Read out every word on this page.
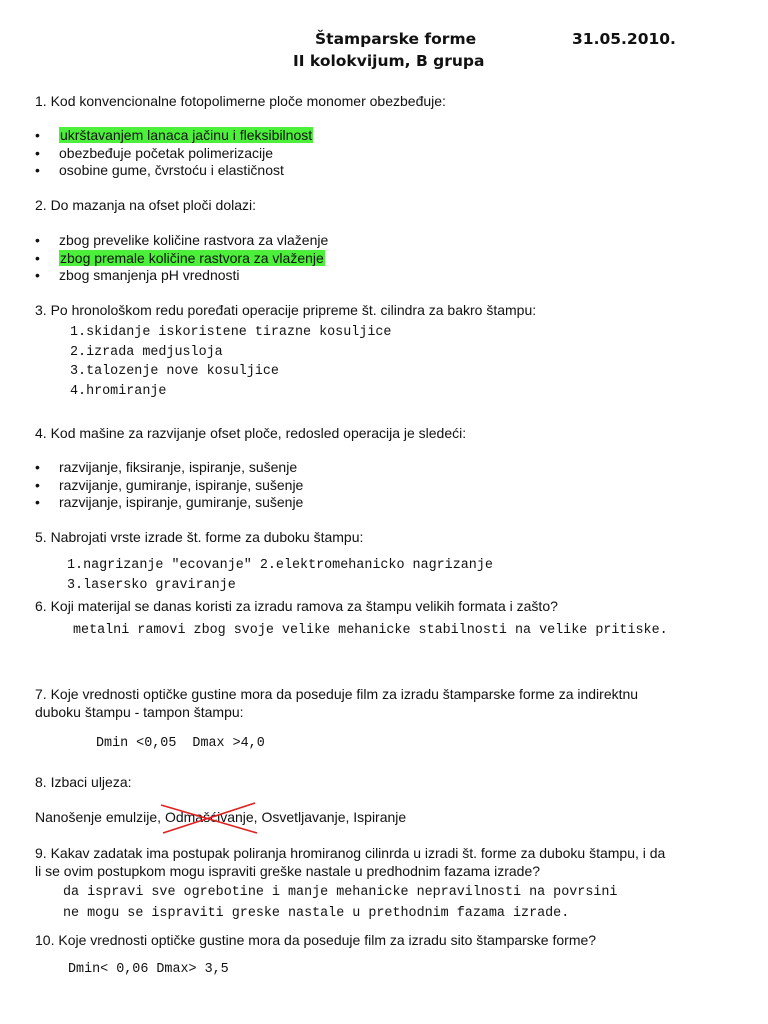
Štamparske forme	31.05.2010.
II kolokvijum, B grupa
1. Kod konvencionalne fotopolimerne ploče monomer obezbeđuje:
• ukrštavanjem lanaca jačinu i fleksibilnost
• obezbeđuje početak polimerizacije
• osobine gume, čvrstoću i elastičnost
2. Do mazanja na ofset ploči dolazi:
• zbog prevelike količine rastvora za vlaženje
• zbog premale količine rastvora za vlaženje
• zbog smanjenja pH vrednosti
3. Po hronološkom redu poređati operacije pripreme št. cilindra za bakro štampu:
1.skidanje iskoristene tirazne kosuljice
2.izrada medjusloja
3.talozenje nove kosuljice
4.hromiranje
4. Kod mašine za razvijanje ofset ploče, redosled operacija je sledeći:
• razvijanje, fiksiranje, ispiranje, sušenje
• razvijanje, gumiranje, ispiranje, sušenje
• razvijanje, ispiranje, gumiranje, sušenje
5. Nabrojati vrste izrade št. forme za duboku štampu:
1.nagrizanje "ecovanje" 2.elektromehanicko nagrizanje
3.lasersko graviranje
6. Koji materijal se danas koristi za izradu ramova za štampu velikih formata i zašto?
metalni ramovi zbog svoje velike mehanicke stabilnosti na velike pritiske.
7. Koje vrednosti optičke gustine mora da poseduje film za izradu štamparske forme za indirektnu
duboku štampu - tampon štampu:
Dmin <0,05  Dmax >4,0
8. Izbaci uljeza:
Nanošenje emulzije, Odmašćivanje
, Osvetljavanje, Ispiranje
9. Kakav zadatak ima postupak poliranja hromiranog cilinrda u izradi št. forme za duboku štampu, i da
li se ovim postupkom mogu ispraviti greške nastale u predhodnim fazama izrade?
da ispravi sve ogrebotine i manje mehanicke nepravilnosti na povrsini
ne mogu se ispraviti greske nastale u prethodnim fazama izrade.
10. Koje vrednosti optičke gustine mora da poseduje film za izradu sito štamparske forme?
Dmin< 0,06 Dmax> 3,5
